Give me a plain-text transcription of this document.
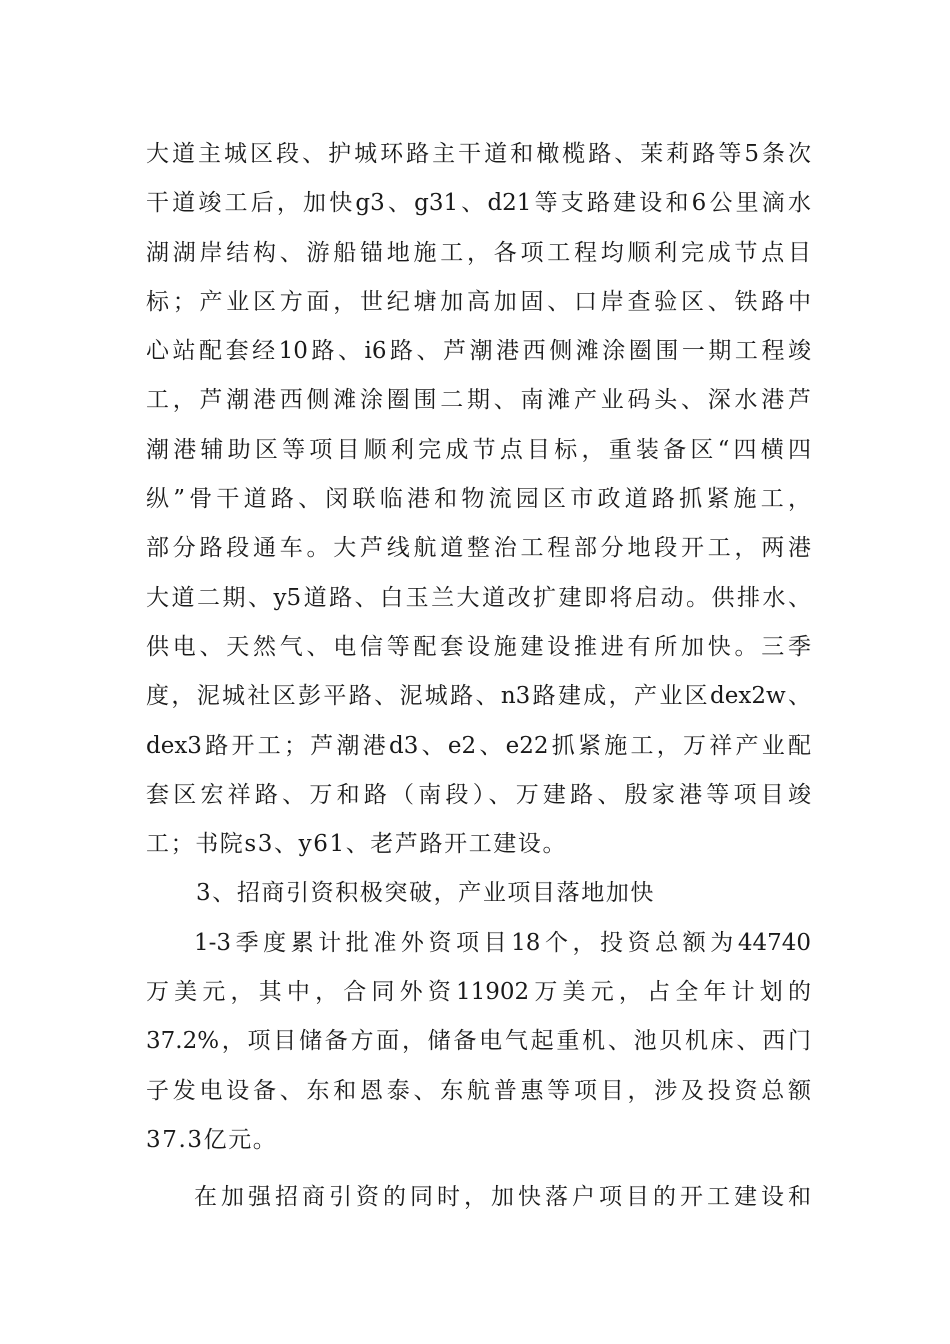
大道主城区段、护城环路主干道和橄榄路、茉莉路等5条次
干道竣工后，加快g3、g31、d21等支路建设和6公里滴水
湖湖岸结构、游船锚地施工，各项工程均顺利完成节点目
标；产业区方面，世纪塘加高加固、口岸查验区、铁路中
心站配套经10路、i6路、芦潮港西侧滩涂圈围一期工程竣
工，芦潮港西侧滩涂圈围二期、南滩产业码头、深水港芦
潮港辅助区等项目顺利完成节点目标，重装备区“四横四
纵”骨干道路、闵联临港和物流园区市政道路抓紧施工，
部分路段通车。大芦线航道整治工程部分地段开工，两港
大道二期、y5道路、白玉兰大道改扩建即将启动。供排水、
供电、天然气、电信等配套设施建设推进有所加快。三季
度，泥城社区彭平路、泥城路、n3路建成，产业区dex2w、
dex3路开工；芦潮港d3、e2、e22抓紧施工，万祥产业配
套区宏祥路、万和路（南段）、万建路、殷家港等项目竣
工；书院s3、y61、老芦路开工建设。
3、招商引资积极突破，产业项目落地加快
1-3季度累计批准外资项目18个，投资总额为44740
万美元，其中，合同外资11902万美元，占全年计划的
37.2%，项目储备方面，储备电气起重机、池贝机床、西门
子发电设备、东和恩泰、东航普惠等项目，涉及投资总额
37.3亿元。
在加强招商引资的同时，加快落户项目的开工建设和
